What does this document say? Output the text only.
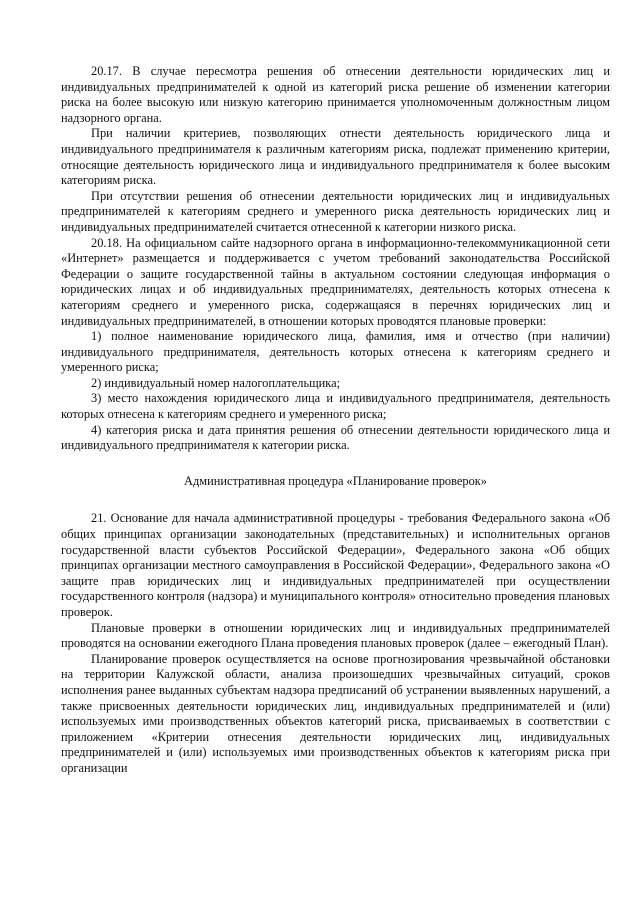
20.17. В случае пересмотра решения об отнесении деятельности юридических лиц и индивидуальных предпринимателей к одной из категорий риска решение об изменении категории риска на более высокую или низкую категорию принимается уполномоченным должностным лицом надзорного органа.

При наличии критериев, позволяющих отнести деятельность юридического лица и индивидуального предпринимателя к различным категориям риска, подлежат применению критерии, относящие деятельность юридического лица и индивидуального предпринимателя к более высоким категориям риска.

При отсутствии решения об отнесении деятельности юридических лиц и индивидуальных предпринимателей к категориям среднего и умеренного риска деятельность юридических лиц и индивидуальных предпринимателей считается отнесенной к категории низкого риска.

20.18. На официальном сайте надзорного органа в информационно-телекоммуникационной сети «Интернет» размещается и поддерживается с учетом требований законодательства Российской Федерации о защите государственной тайны в актуальном состоянии следующая информация о юридических лицах и об индивидуальных предпринимателях, деятельность которых отнесена к категориям среднего и умеренного риска, содержащаяся в перечнях юридических лиц и индивидуальных предпринимателей, в отношении которых проводятся плановые проверки:

1) полное наименование юридического лица, фамилия, имя и отчество (при наличии) индивидуального предпринимателя, деятельность которых отнесена к категориям среднего и умеренного риска;

2) индивидуальный номер налогоплательщика;

3) место нахождения юридического лица и индивидуального предпринимателя, деятельность которых отнесена к категориям среднего и умеренного риска;

4) категория риска и дата принятия решения об отнесении деятельности юридического лица и индивидуального предпринимателя к категории риска.

Административная процедура «Планирование проверок»

21. Основание для начала административной процедуры - требования Федерального закона «Об общих принципах организации законодательных (представительных) и исполнительных органов государственной власти субъектов Российской Федерации», Федерального закона «Об общих принципах организации местного самоуправления в Российской Федерации», Федерального закона «О защите прав юридических лиц и индивидуальных предпринимателей при осуществлении государственного контроля (надзора) и муниципального контроля» относительно проведения плановых проверок.

Плановые проверки в отношении юридических лиц и индивидуальных предпринимателей проводятся на основании ежегодного Плана проведения плановых проверок (далее – ежегодный План).

Планирование проверок осуществляется на основе прогнозирования чрезвычайной обстановки на территории Калужской области, анализа произошедших чрезвычайных ситуаций, сроков исполнения ранее выданных субъектам надзора предписаний об устранении выявленных нарушений, а также присвоенных деятельности юридических лиц, индивидуальных предпринимателей и (или) используемых ими производственных объектов категорий риска, присваиваемых в соответствии с приложением «Критерии отнесения деятельности юридических лиц, индивидуальных предпринимателей и (или) используемых ими производственных объектов к категориям риска при организации
